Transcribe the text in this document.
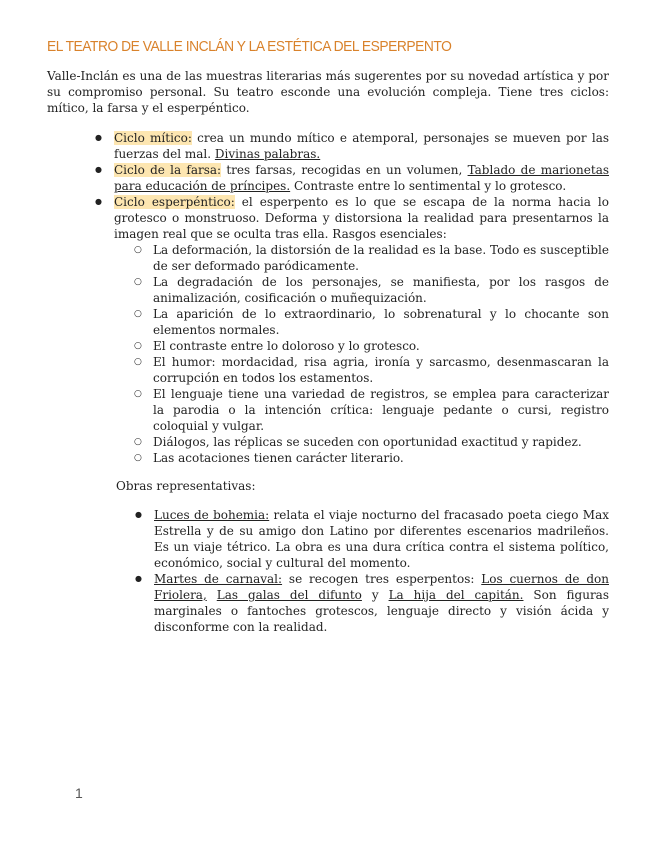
EL TEATRO DE VALLE INCLÁN Y LA ESTÉTICA DEL ESPERPENTO

Valle-Inclán es una de las muestras literarias más sugerentes por su novedad artística y por su compromiso personal. Su teatro esconde una evolución compleja. Tiene tres ciclos: mítico, la farsa y el esperpéntico.

● Ciclo mítico: crea un mundo mítico e atemporal, personajes se mueven por las fuerzas del mal. Divinas palabras.
● Ciclo de la farsa: tres farsas, recogidas en un volumen, Tablado de marionetas para educación de príncipes. Contraste entre lo sentimental y lo grotesco.
● Ciclo esperpéntico: el esperpento es lo que se escapa de la norma hacia lo grotesco o monstruoso. Deforma y distorsiona la realidad para presentarnos la imagen real que se oculta tras ella. Rasgos esenciales:
○ La deformación, la distorsión de la realidad es la base. Todo es susceptible de ser deformado paródicamente.
○ La degradación de los personajes, se manifiesta, por los rasgos de animalización, cosificación o muñequización.
○ La aparición de lo extraordinario, lo sobrenatural y lo chocante son elementos normales.
○ El contraste entre lo doloroso y lo grotesco.
○ El humor: mordacidad, risa agria, ironía y sarcasmo, desenmascaran la corrupción en todos los estamentos.
○ El lenguaje tiene una variedad de registros, se emplea para caracterizar la parodia o la intención crítica: lenguaje pedante o cursi, registro coloquial y vulgar.
○ Diálogos, las réplicas se suceden con oportunidad exactitud y rapidez.
○ Las acotaciones tienen carácter literario.

Obras representativas:

● Luces de bohemia: relata el viaje nocturno del fracasado poeta ciego Max Estrella y de su amigo don Latino por diferentes escenarios madrileños. Es un viaje tétrico. La obra es una dura crítica contra el sistema político, económico, social y cultural del momento.
● Martes de carnaval: se recogen tres esperpentos: Los cuernos de don Friolera, Las galas del difunto y La hija del capitán. Son figuras marginales o fantoches grotescos, lenguaje directo y visión ácida y disconforme con la realidad.
1
